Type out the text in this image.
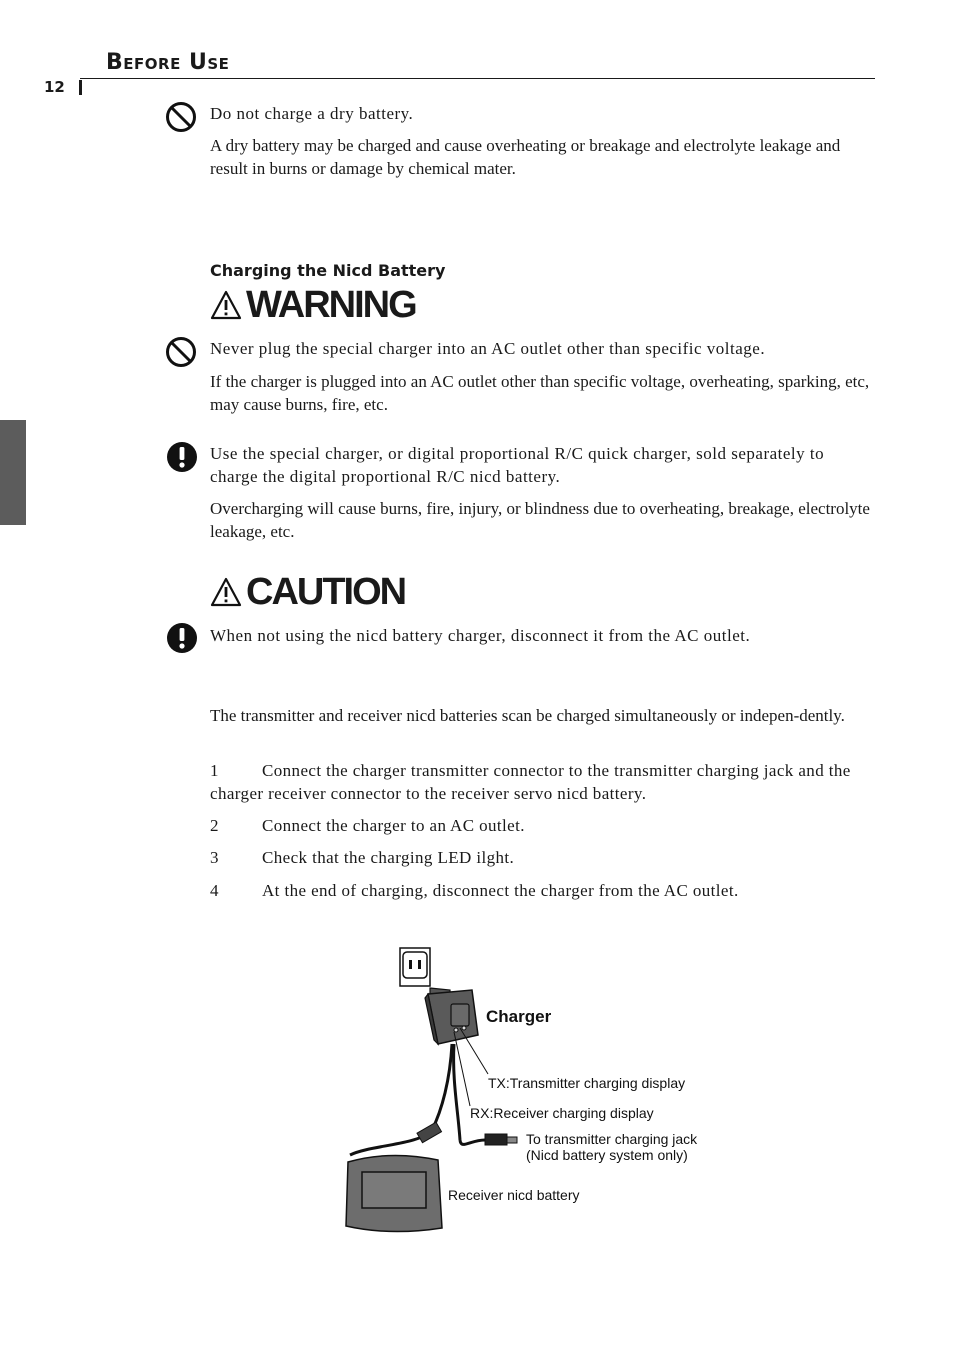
Before Use
12
Do not charge a dry battery.
A dry battery may be charged and cause overheating or breakage and electrolyte leakage and result in burns or damage by chemical mater.
Charging the Nicd Battery
WARNING
Never plug the special charger into an AC outlet other than specific voltage.
If the charger is plugged into an AC outlet other than specific voltage, overheating, sparking, etc, may cause burns, fire, etc.
Use the special charger, or digital proportional R/C quick charger, sold separately to charge the digital proportional R/C nicd battery.
Overcharging will cause burns, fire, injury, or blindness due to overheating, breakage, electrolyte leakage, etc.
CAUTION
When not using the nicd battery charger, disconnect it from the AC outlet.
The transmitter and receiver nicd batteries scan be charged simultaneously or indepen-dently.
1	Connect the charger transmitter connector to the transmitter charging jack and the charger receiver connector to the receiver servo nicd battery.
2	Connect the charger to an AC outlet.
3	Check that the charging LED ilght.
4	At the end of charging, disconnect the charger from the AC outlet.
Charger
TX:Transmitter charging display
RX:Receiver charging display
To transmitter charging jack
(Nicd battery system only)
Receiver nicd battery
